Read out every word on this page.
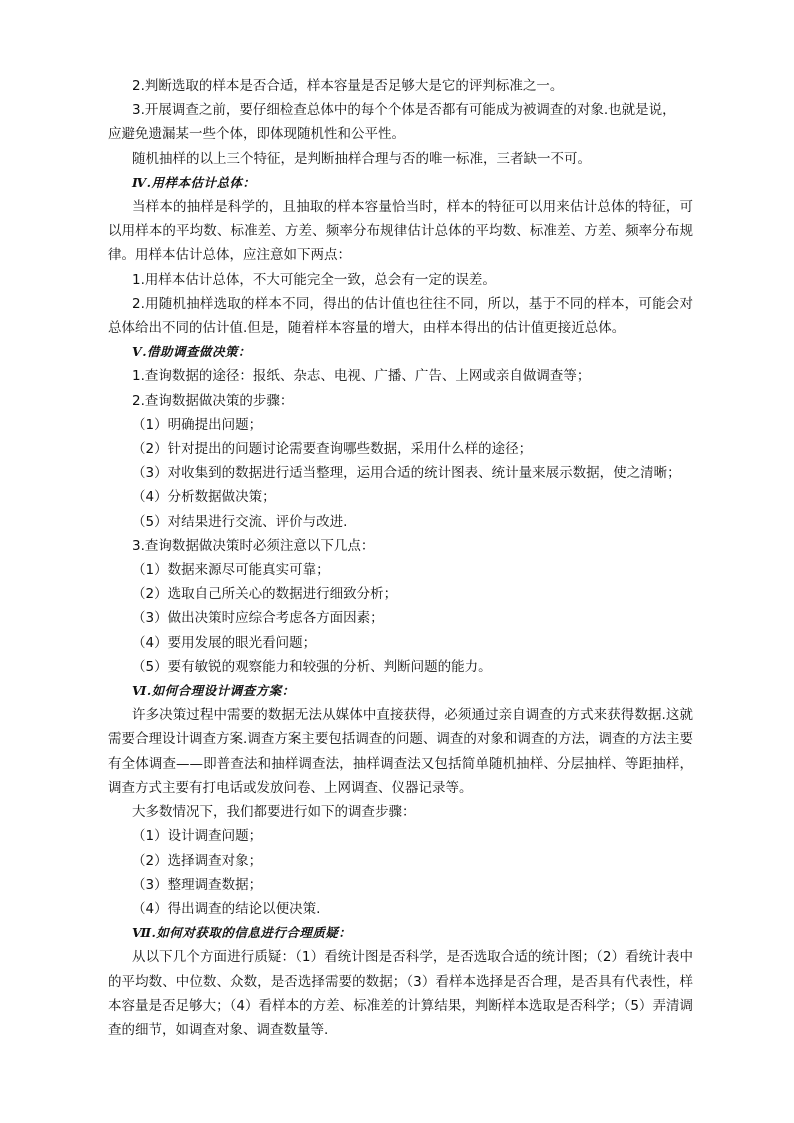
2.判断选取的样本是否合适，样本容量是否足够大是它的评判标准之一。

3.开展调查之前，要仔细检查总体中的每个个体是否都有可能成为被调查的对象.也就是说，

应避免遗漏某一些个体，即体现随机性和公平性。

随机抽样的以上三个特征，是判断抽样合理与否的唯一标准，三者缺一不可。

Ⅳ.用样本估计总体：

当样本的抽样是科学的，且抽取的样本容量恰当时，样本的特征可以用来估计总体的特征，可以用样本的平均数、标准差、方差、频率分布规律估计总体的平均数、标准差、方差、频率分布规律。用样本估计总体，应注意如下两点：

1.用样本估计总体，不大可能完全一致，总会有一定的误差。

2.用随机抽样选取的样本不同，得出的估计值也往往不同，所以，基于不同的样本，可能会对总体给出不同的估计值.但是，随着样本容量的增大，由样本得出的估计值更接近总体。

Ⅴ.借助调查做决策：

1.查询数据的途径：报纸、杂志、电视、广播、广告、上网或亲自做调查等；

2.查询数据做决策的步骤：

（1）明确提出问题；

（2）针对提出的问题讨论需要查询哪些数据，采用什么样的途径；

（3）对收集到的数据进行适当整理，运用合适的统计图表、统计量来展示数据，使之清晰；

（4）分析数据做决策；

（5）对结果进行交流、评价与改进.

3.查询数据做决策时必须注意以下几点：

（1）数据来源尽可能真实可靠；

（2）选取自己所关心的数据进行细致分析；

（3）做出决策时应综合考虑各方面因素；

（4）要用发展的眼光看问题；

（5）要有敏锐的观察能力和较强的分析、判断问题的能力。

Ⅵ.如何合理设计调查方案：

许多决策过程中需要的数据无法从媒体中直接获得，必须通过亲自调查的方式来获得数据.这就需要合理设计调查方案.调查方案主要包括调查的问题、调查的对象和调查的方法，调查的方法主要有全体调查——即普查法和抽样调查法，抽样调查法又包括简单随机抽样、分层抽样、等距抽样，调查方式主要有打电话或发放问卷、上网调查、仪器记录等。

大多数情况下，我们都要进行如下的调查步骤：

（1）设计调查问题；

（2）选择调查对象；

（3）整理调查数据；

（4）得出调查的结论以便决策.

Ⅶ.如何对获取的信息进行合理质疑：

从以下几个方面进行质疑：（1）看统计图是否科学，是否选取合适的统计图；（2）看统计表中的平均数、中位数、众数，是否选择需要的数据；（3）看样本选择是否合理，是否具有代表性，样本容量是否足够大；（4）看样本的方差、标准差的计算结果，判断样本选取是否科学；（5）弄清调查的细节，如调查对象、调查数量等.
